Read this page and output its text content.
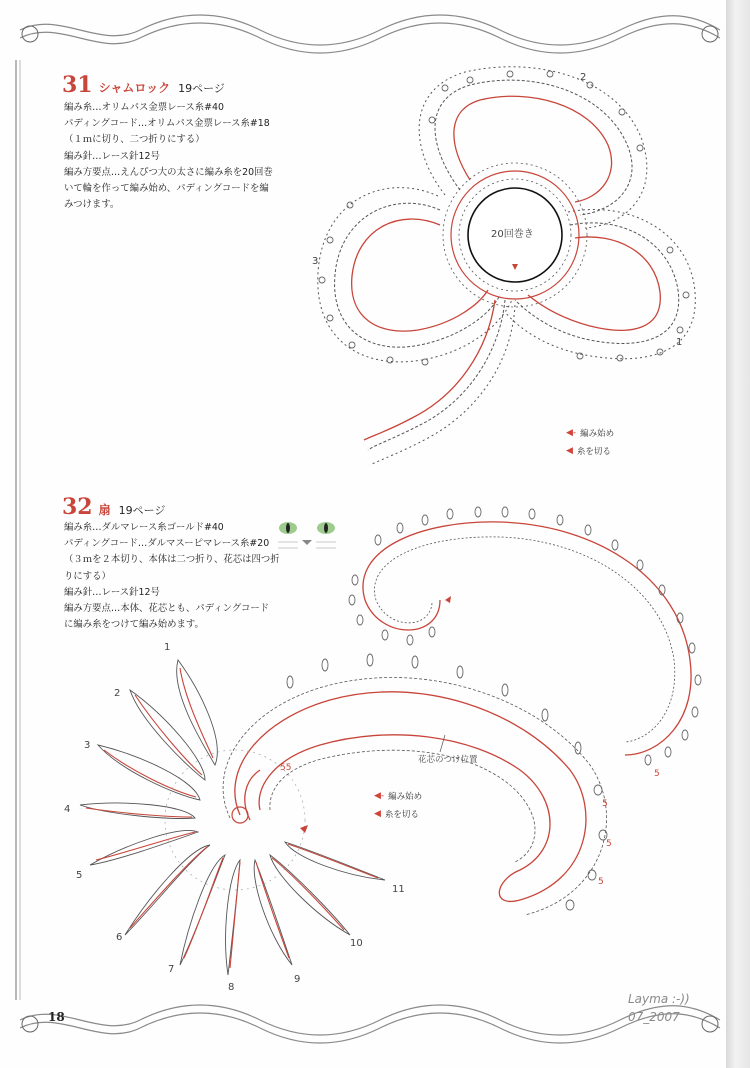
31 シャムロック 19ページ
編み糸…オリムパス金票レース糸#40
パディングコード…オリムパス金票レース糸#18
（１ｍに切り、二つ折りにする）
編み針…レース針12号
編み方要点…えんぴつ大の太さに編み糸を20回巻
いて輪を作って編み始め、パディングコードを編
みつけます。
20回巻き
2
1
3
◀- 編み始め
◀ 糸を切る
32 扇 19ページ
編み糸…ダルマレース糸ゴールド#40
パディングコード…ダルマスーピマレース糸#20
（３ｍを２本切り、本体は二つ折り、花芯は四つ折
りにする）
編み針…レース針12号
編み方要点…本体、花芯とも、パディングコード
に編み糸をつけて編み始めます。
1
2
3
4
5
6
7
8
9
10
11
5
5
5
5
55
花芯のつけ位置
◀- 編み始め
◀ 糸を切る
18
Layma :-))
07_2007
